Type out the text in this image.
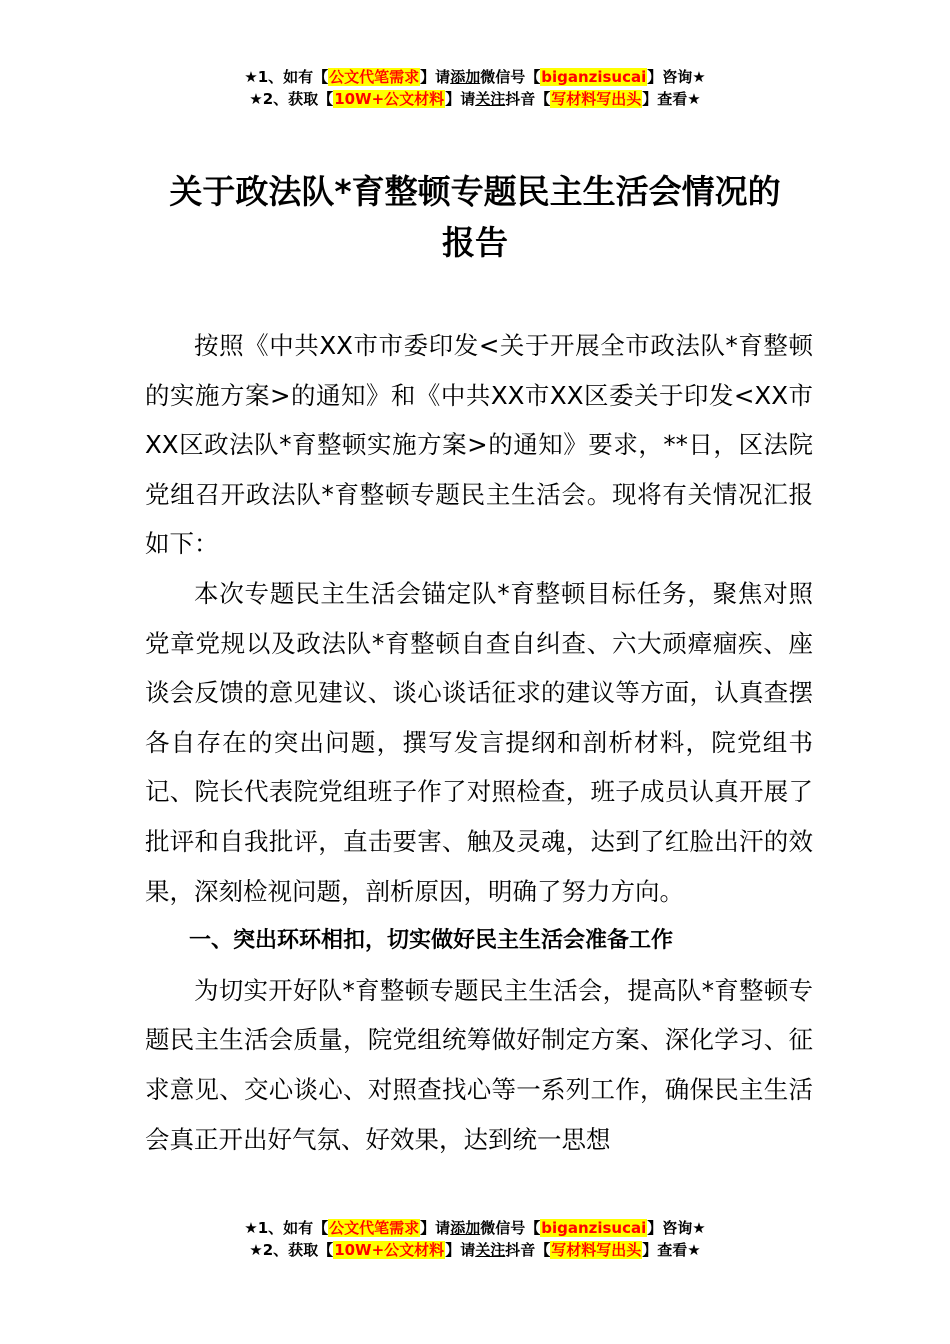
★1、如有【公文代笔需求】请添加微信号【biganzisucai】咨询★
★2、获取【10W+公文材料】请关注抖音【写材料写出头】查看★
关于政法队*育整顿专题民主生活会情况的
报告

按照《中共XX市市委印发<关于开展全市政法队*育整顿的实施方案>的通知》和《中共XX市XX区委关于印发<XX市XX区政法队*育整顿实施方案>的通知》要求，**日，区法院党组召开政法队*育整顿专题民主生活会。现将有关情况汇报如下：

本次专题民主生活会锚定队*育整顿目标任务，聚焦对照党章党规以及政法队*育整顿自查自纠查、六大顽瘴痼疾、座谈会反馈的意见建议、谈心谈话征求的建议等方面，认真查摆各自存在的突出问题，撰写发言提纲和剖析材料，院党组书记、院长代表院党组班子作了对照检查，班子成员认真开展了批评和自我批评，直击要害、触及灵魂，达到了红脸出汗的效果，深刻检视问题，剖析原因，明确了努力方向。

一、突出环环相扣，切实做好民主生活会准备工作

为切实开好队*育整顿专题民主生活会，提高队*育整顿专题民主生活会质量，院党组统筹做好制定方案、深化学习、征求意见、交心谈心、对照查找心等一系列工作，确保民主生活会真正开出好气氛、好效果，达到统一思想

★1、如有【公文代笔需求】请添加微信号【biganzisucai】咨询★
★2、获取【10W+公文材料】请关注抖音【写材料写出头】查看★
